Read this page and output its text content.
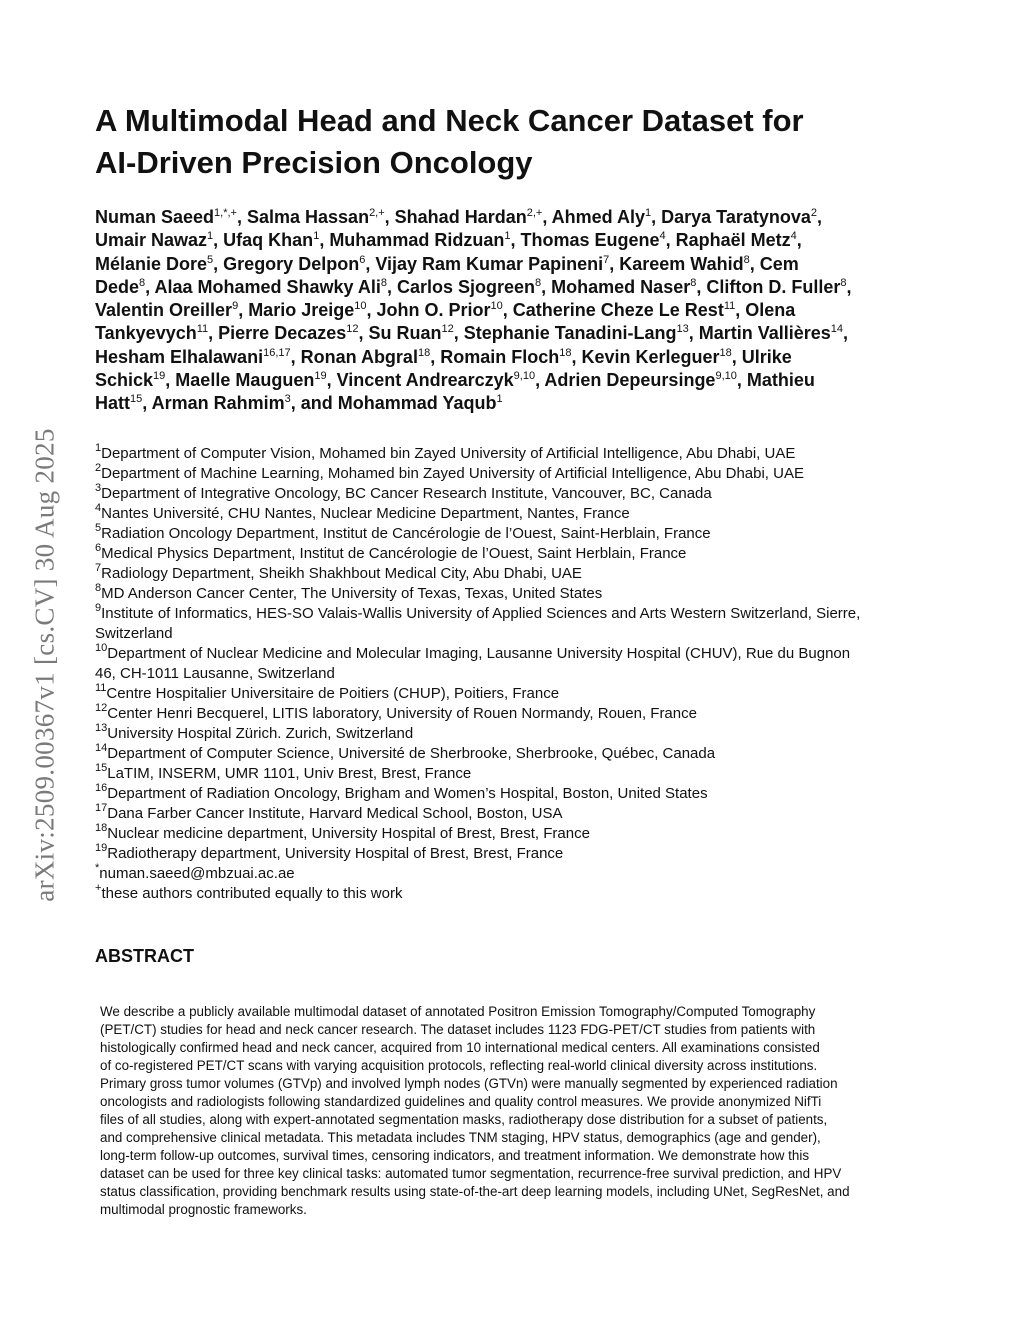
arXiv:2509.00367v1 [cs.CV] 30 Aug 2025
A Multimodal Head and Neck Cancer Dataset for
AI-Driven Precision Oncology
Numan Saeed$^{1,*,+}$, Salma Hassan$^{2,+}$, Shahad Hardan$^{2,+}$, Ahmed Aly$^1$, Darya Taratynova$^2$,
Umair Nawaz$^1$, Ufaq Khan$^1$, Muhammad Ridzuan$^1$, Thomas Eugene$^4$, Raphaël Metz$^4$,
Mélanie Dore$^5$, Gregory Delpon$^6$, Vijay Ram Kumar Papineni$^7$, Kareem Wahid$^8$, Cem
Dede$^8$, Alaa Mohamed Shawky Ali$^8$, Carlos Sjogreen$^8$, Mohamed Naser$^8$, Clifton D. Fuller$^8$,
Valentin Oreiller$^9$, Mario Jreige$^{10}$, John O. Prior$^{10}$, Catherine Cheze Le Rest$^{11}$, Olena
Tankyevych$^{11}$, Pierre Decazes$^{12}$, Su Ruan$^{12}$, Stephanie Tanadini-Lang$^{13}$, Martin Vallières$^{14}$,
Hesham Elhalawani$^{16,17}$, Ronan Abgral$^{18}$, Romain Floch$^{18}$, Kevin Kerleguer$^{18}$, Ulrike
Schick$^{19}$, Maelle Mauguen$^{19}$, Vincent Andrearczyk$^{9,10}$, Adrien Depeursinge$^{9,10}$, Mathieu
Hatt$^{15}$, Arman Rahmim$^3$, and Mohammad Yaqub$^1$
$^1$Department of Computer Vision, Mohamed bin Zayed University of Artificial Intelligence, Abu Dhabi, UAE
$^2$Department of Machine Learning, Mohamed bin Zayed University of Artificial Intelligence, Abu Dhabi, UAE
$^3$Department of Integrative Oncology, BC Cancer Research Institute, Vancouver, BC, Canada
$^4$Nantes Université, CHU Nantes, Nuclear Medicine Department, Nantes, France
$^5$Radiation Oncology Department, Institut de Cancérologie de l’Ouest, Saint-Herblain, France
$^6$Medical Physics Department, Institut de Cancérologie de l’Ouest, Saint Herblain, France
$^7$Radiology Department, Sheikh Shakhbout Medical City, Abu Dhabi, UAE
$^8$MD Anderson Cancer Center, The University of Texas, Texas, United States
$^9$Institute of Informatics, HES-SO Valais-Wallis University of Applied Sciences and Arts Western Switzerland, Sierre,
Switzerland
$^{10}$Department of Nuclear Medicine and Molecular Imaging, Lausanne University Hospital (CHUV), Rue du Bugnon
46, CH-1011 Lausanne, Switzerland
$^{11}$Centre Hospitalier Universitaire de Poitiers (CHUP), Poitiers, France
$^{12}$Center Henri Becquerel, LITIS laboratory, University of Rouen Normandy, Rouen, France
$^{13}$University Hospital Zürich. Zurich, Switzerland
$^{14}$Department of Computer Science, Université de Sherbrooke, Sherbrooke, Québec, Canada
$^{15}$LaTIM, INSERM, UMR 1101, Univ Brest, Brest, France
$^{16}$Department of Radiation Oncology, Brigham and Women’s Hospital, Boston, United States
$^{17}$Dana Farber Cancer Institute, Harvard Medical School, Boston, USA
$^{18}$Nuclear medicine department, University Hospital of Brest, Brest, France
$^{19}$Radiotherapy department, University Hospital of Brest, Brest, France
*numan.saeed@mbzuai.ac.ae
+these authors contributed equally to this work
ABSTRACT
We describe a publicly available multimodal dataset of annotated Positron Emission Tomography/Computed Tomography
(PET/CT) studies for head and neck cancer research. The dataset includes 1123 FDG-PET/CT studies from patients with
histologically confirmed head and neck cancer, acquired from 10 international medical centers. All examinations consisted
of co-registered PET/CT scans with varying acquisition protocols, reflecting real-world clinical diversity across institutions.
Primary gross tumor volumes (GTVp) and involved lymph nodes (GTVn) were manually segmented by experienced radiation
oncologists and radiologists following standardized guidelines and quality control measures. We provide anonymized NifTi
files of all studies, along with expert-annotated segmentation masks, radiotherapy dose distribution for a subset of patients,
and comprehensive clinical metadata. This metadata includes TNM staging, HPV status, demographics (age and gender),
long-term follow-up outcomes, survival times, censoring indicators, and treatment information. We demonstrate how this
dataset can be used for three key clinical tasks: automated tumor segmentation, recurrence-free survival prediction, and HPV
status classification, providing benchmark results using state-of-the-art deep learning models, including UNet, SegResNet, and
multimodal prognostic frameworks.
